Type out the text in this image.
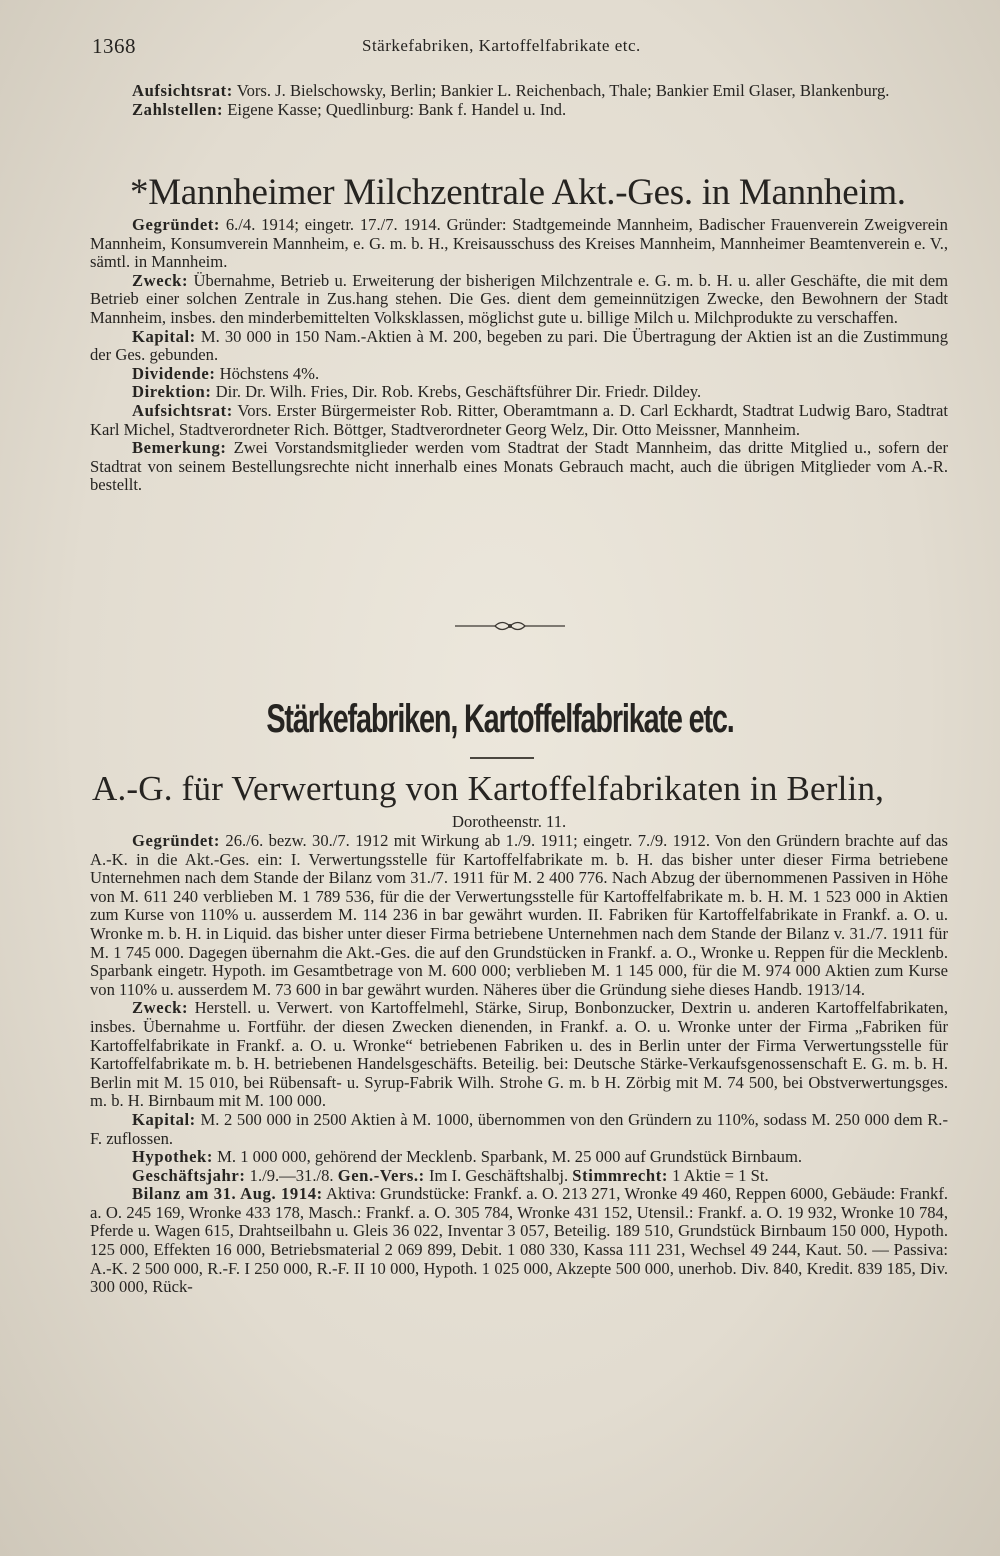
1368	Stärkefabriken, Kartoffelfabrikate etc.

Aufsichtsrat: Vors. J. Bielschowsky, Berlin; Bankier L. Reichenbach, Thale; Bankier Emil Glaser, Blankenburg.

Zahlstellen: Eigene Kasse; Quedlinburg: Bank f. Handel u. Ind.

*Mannheimer Milchzentrale Akt.-Ges. in Mannheim.

Gegründet: 6./4. 1914; eingetr. 17./7. 1914. Gründer: Stadtgemeinde Mannheim, Badischer Frauenverein Zweigverein Mannheim, Konsumverein Mannheim, e. G. m. b. H., Kreisausschuss des Kreises Mannheim, Mannheimer Beamtenverein e. V., sämtl. in Mannheim.

Zweck: Übernahme, Betrieb u. Erweiterung der bisherigen Milchzentrale e. G. m. b. H. u. aller Geschäfte, die mit dem Betrieb einer solchen Zentrale in Zus.hang stehen. Die Ges. dient dem gemeinnützigen Zwecke, den Bewohnern der Stadt Mannheim, insbes. den minderbemittelten Volksklassen, möglichst gute u. billige Milch u. Milchprodukte zu verschaffen.

Kapital: M. 30 000 in 150 Nam.-Aktien à M. 200, begeben zu pari. Die Übertragung der Aktien ist an die Zustimmung der Ges. gebunden.

Dividende: Höchstens 4%.

Direktion: Dir. Dr. Wilh. Fries, Dir. Rob. Krebs, Geschäftsführer Dir. Friedr. Dildey.

Aufsichtsrat: Vors. Erster Bürgermeister Rob. Ritter, Oberamtmann a. D. Carl Eckhardt, Stadtrat Ludwig Baro, Stadtrat Karl Michel, Stadtverordneter Rich. Böttger, Stadtverordneter Georg Welz, Dir. Otto Meissner, Mannheim.

Bemerkung: Zwei Vorstandsmitglieder werden vom Stadtrat der Stadt Mannheim, das dritte Mitglied u., sofern der Stadtrat von seinem Bestellungsrechte nicht innerhalb eines Monats Gebrauch macht, auch die übrigen Mitglieder vom A.-R. bestellt.

Stärkefabriken, Kartoffelfabrikate etc.
A.-G. für Verwertung von Kartoffelfabrikaten in Berlin,
Dorotheenstr. 11.

Gegründet: 26./6. bezw. 30./7. 1912 mit Wirkung ab 1./9. 1911; eingetr. 7./9. 1912. Von den Gründern brachte auf das A.-K. in die Akt.-Ges. ein: I. Verwertungsstelle für Kartoffelfabrikate m. b. H. das bisher unter dieser Firma betriebene Unternehmen nach dem Stande der Bilanz vom 31./7. 1911 für M. 2 400 776. Nach Abzug der übernommenen Passiven in Höhe von M. 611 240 verblieben M. 1 789 536, für die der Verwertungsstelle für Kartoffelfabrikate m. b. H. M. 1 523 000 in Aktien zum Kurse von 110% u. ausserdem M. 114 236 in bar gewährt wurden. II. Fabriken für Kartoffelfabrikate in Frankf. a. O. u. Wronke m. b. H. in Liquid. das bisher unter dieser Firma betriebene Unternehmen nach dem Stande der Bilanz v. 31./7. 1911 für M. 1 745 000. Dagegen übernahm die Akt.-Ges. die auf den Grundstücken in Frankf. a. O., Wronke u. Reppen für die Mecklenb. Sparbank eingetr. Hypoth. im Gesamtbetrage von M. 600 000; verblieben M. 1 145 000, für die M. 974 000 Aktien zum Kurse von 110% u. ausserdem M. 73 600 in bar gewährt wurden. Näheres über die Gründung siehe dieses Handb. 1913/14.

Zweck: Herstell. u. Verwert. von Kartoffelmehl, Stärke, Sirup, Bonbonzucker, Dextrin u. anderen Kartoffelfabrikaten, insbes. Übernahme u. Fortführ. der diesen Zwecken dienenden, in Frankf. a. O. u. Wronke unter der Firma „Fabriken für Kartoffelfabrikate in Frankf. a. O. u. Wronke“ betriebenen Fabriken u. des in Berlin unter der Firma Verwertungsstelle für Kartoffelfabrikate m. b. H. betriebenen Handelsgeschäfts. Beteilig. bei: Deutsche Stärke-Verkaufsgenossenschaft E. G. m. b. H. Berlin mit M. 15 010, bei Rübensaft- u. Syrup-Fabrik Wilh. Strohe G. m. b H. Zörbig mit M. 74 500, bei Obstverwertungsges. m. b. H. Birnbaum mit M. 100 000.

Kapital: M. 2 500 000 in 2500 Aktien à M. 1000, übernommen von den Gründern zu 110%, sodass M. 250 000 dem R.-F. zuflossen.

Hypothek: M. 1 000 000, gehörend der Mecklenb. Sparbank, M. 25 000 auf Grundstück Birnbaum.

Geschäftsjahr: 1./9.—31./8. Gen.-Vers.: Im I. Geschäftshalbj. Stimmrecht: 1 Aktie = 1 St.

Bilanz am 31. Aug. 1914: Aktiva: Grundstücke: Frankf. a. O. 213 271, Wronke 49 460, Reppen 6000, Gebäude: Frankf. a. O. 245 169, Wronke 433 178, Masch.: Frankf. a. O. 305 784, Wronke 431 152, Utensil.: Frankf. a. O. 19 932, Wronke 10 784, Pferde u. Wagen 615, Drahtseilbahn u. Gleis 36 022, Inventar 3 057, Beteilig. 189 510, Grundstück Birnbaum 150 000, Hypoth. 125 000, Effekten 16 000, Betriebsmaterial 2 069 899, Debit. 1 080 330, Kassa 111 231, Wechsel 49 244, Kaut. 50. — Passiva: A.-K. 2 500 000, R.-F. I 250 000, R.-F. II 10 000, Hypoth. 1 025 000, Akzepte 500 000, unerhob. Div. 840, Kredit. 839 185, Div. 300 000, Rück-
